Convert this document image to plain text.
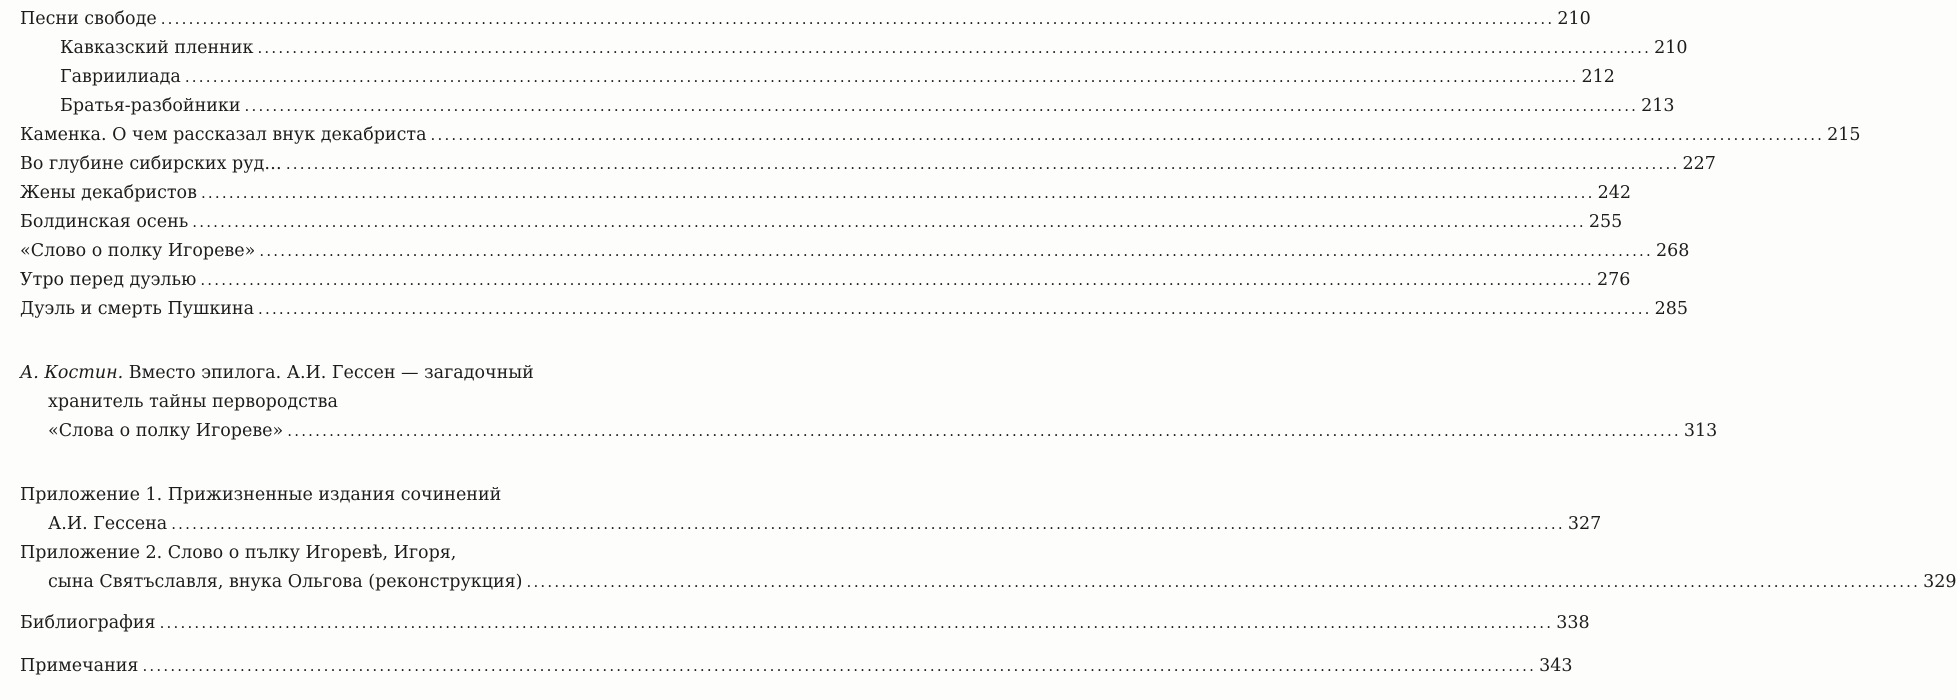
Песни свободе ........................................................................................................................................................................................................ 210
Кавказский пленник ........................................................................................................................................................................................................ 210
Гавриилиада ........................................................................................................................................................................................................ 212
Братья-разбойники ........................................................................................................................................................................................................ 213
Каменка. О чем рассказал внук декабриста ........................................................................................................................................................................................................ 215
Во глубине сибирских руд… ........................................................................................................................................................................................................ 227
Жены декабристов ........................................................................................................................................................................................................ 242
Болдинская осень ........................................................................................................................................................................................................ 255
«Слово о полку Игореве» ........................................................................................................................................................................................................ 268
Утро перед дуэлью ........................................................................................................................................................................................................ 276
Дуэль и смерть Пушкина ........................................................................................................................................................................................................ 285
А. Костин. Вместо эпилога. А.И. Гессен — загадочный
хранитель тайны первородства
«Слова о полку Игореве» ........................................................................................................................................................................................................ 313
Приложение 1. Прижизненные издания сочинений
А.И. Гессена ........................................................................................................................................................................................................ 327
Приложение 2. Слово о пълку Игоревѣ, Игоря,
сына Святъславля, внука Ольгова (реконструкция) ........................................................................................................................................................................................................ 329
Библиография ........................................................................................................................................................................................................ 338
Примечания ........................................................................................................................................................................................................ 343
